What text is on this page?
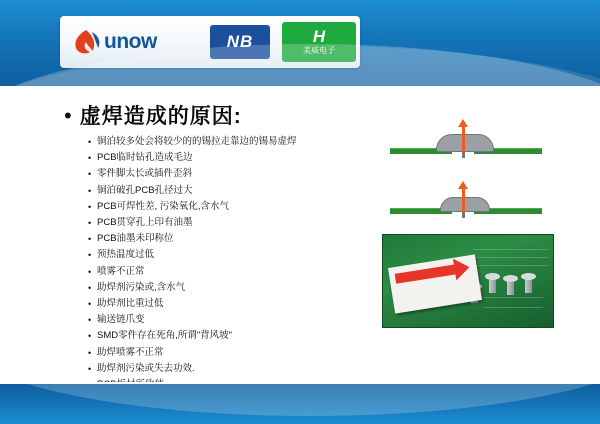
unow	NB	H
美威电子
• 虚焊造成的原因:
• 铜泊较多处会将较少的的锡拉走靠边的锡易虚焊
• PCB临时钻孔造成毛边
• 零件脚太长或插件歪斜
• 铜泊破孔PCB孔径过大
• PCB可焊性差, 污染氧化,含水气
• PCB贯穿孔上印有油墨
• PCB油墨未印称位
• 预热温度过低
• 喷雾不正常
• 助焊剂污染或,含水气
• 助焊剂比重过低
• 输送链爪变
• SMD零件存在死角,所谓"背风坡"
• 助焊喷雾不正常
• 助焊剂污染或失去功效.
